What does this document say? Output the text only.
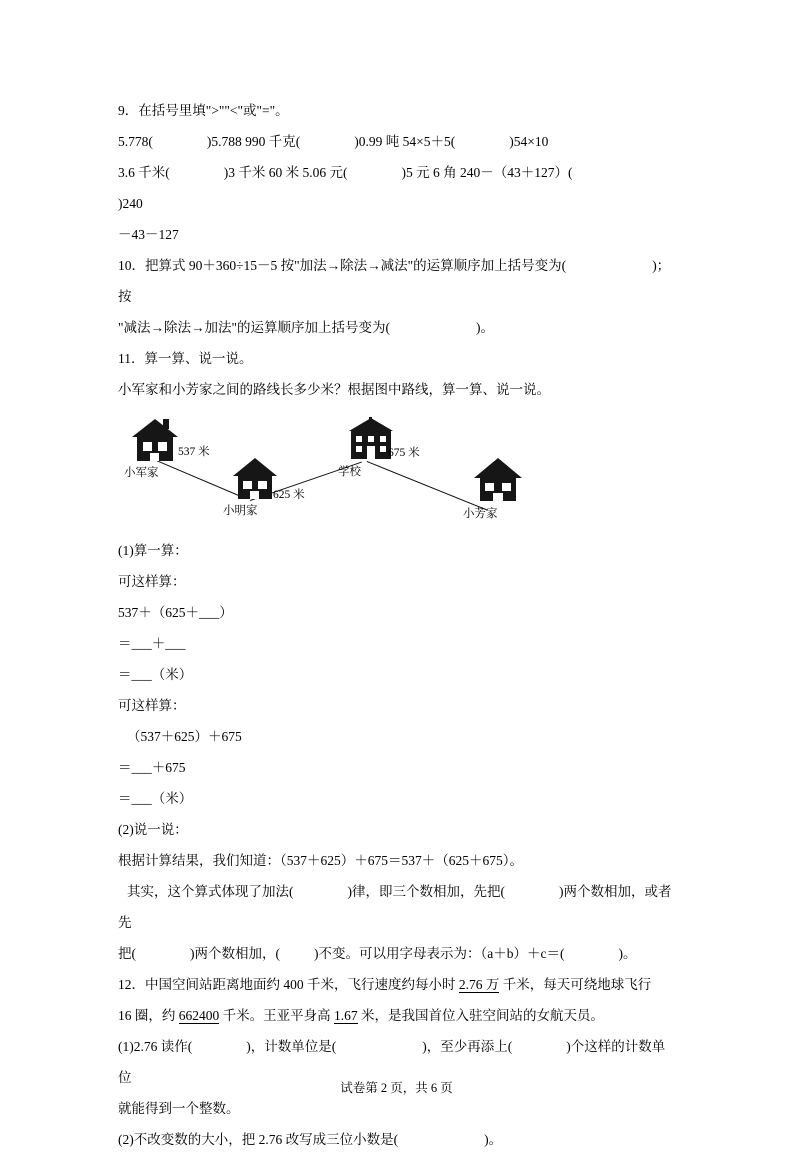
9．在括号里填">""<"或"="。

5.778(	)5.788 990 千克(	)0.99 吨 54×5＋5(	)54×10

3.6 千米(	)3 千米 60 米 5.06 元(	)5 元 6 角 240－（43＋127）()240

－43－127

10．把算式 90＋360÷15－5 按"加法→除法→减法"的运算顺序加上括号变为(	)；按

"减法→除法→加法"的运算顺序加上括号变为(	)。

11．算一算、说一说。

小军家和小芳家之间的路线长多少米？根据图中路线，算一算、说一说。

小军家
小明家
学校
小芳家
537 米
625 米
675 米

(1)算一算：

可这样算：

537＋（625＋___）

＝___＋___

＝___（米）

可这样算：

（537＋625）＋675

＝___＋675

＝___（米）

(2)说一说：

根据计算结果，我们知道：（537＋625）＋675＝537＋（625＋675）。

其实，这个算式体现了加法(	)律，即三个数相加，先把(	)两个数相加，或者先

把(	)两个数相加，(	)不变。可以用字母表示为：（a＋b）＋c＝(	)。

12．中国空间站距离地面约 400 千米，飞行速度约每小时 2.76 万 千米，每天可绕地球飞行

16 圈，约 662400 千米。王亚平身高 1.67 米，是我国首位入驻空间站的女航天员。

(1)2.76 读作(	)，计数单位是(	)，至少再添上(	)个这样的计数单位

就能得到一个整数。

(2)不改变数的大小，把 2.76 改写成三位小数是(	)。

试卷第 2 页，共 6 页
